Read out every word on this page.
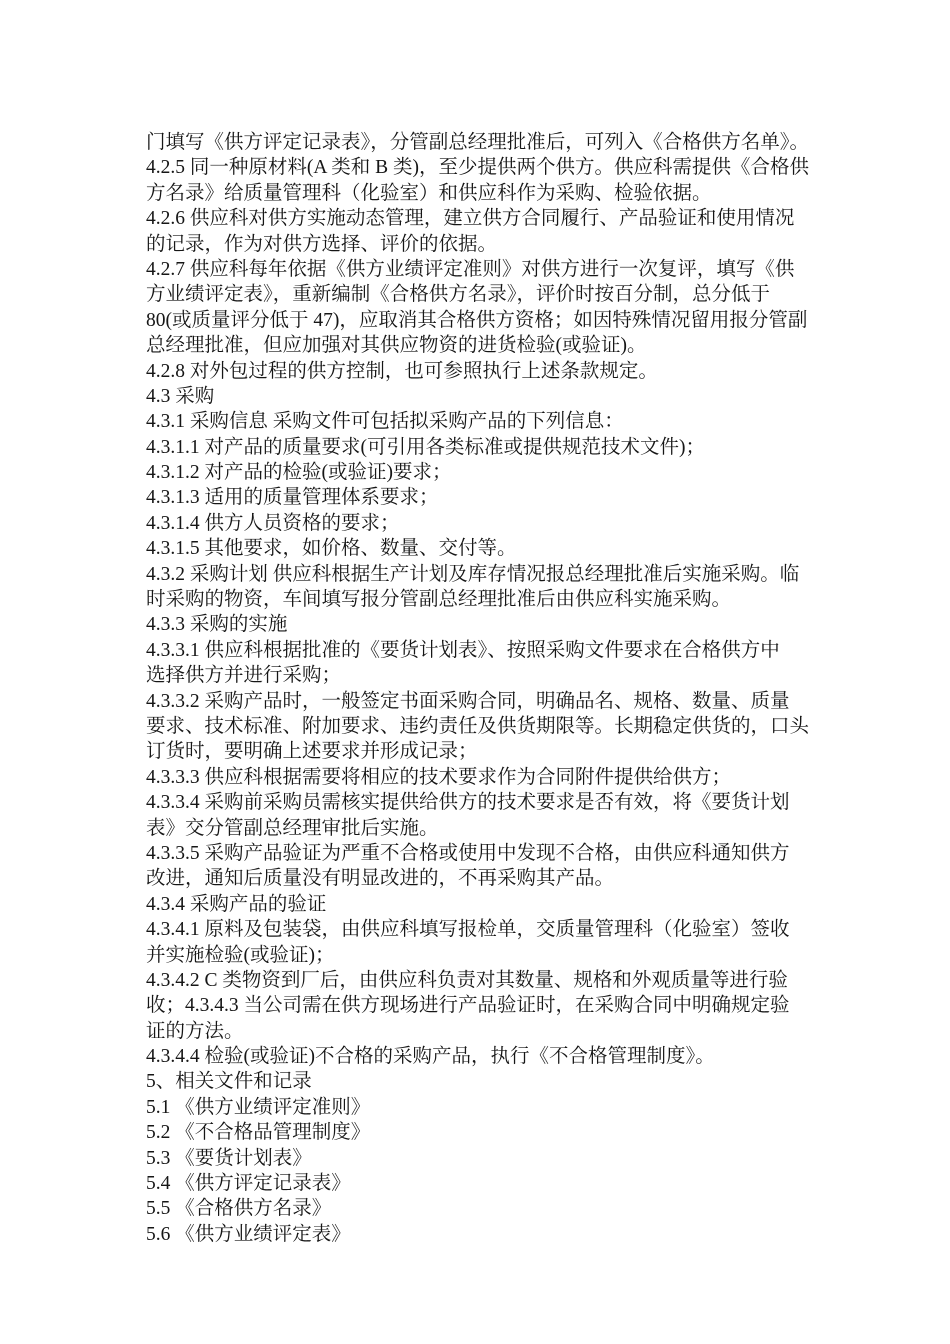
门填写《供方评定记录表》，分管副总经理批准后，可列入《合格供方名单》。
4.2.5 同一种原材料(A 类和 B 类)，至少提供两个供方。供应科需提供《合格供
方名录》给质量管理科（化验室）和供应科作为采购、检验依据。
4.2.6 供应科对供方实施动态管理，建立供方合同履行、产品验证和使用情况
的记录，作为对供方选择、评价的依据。
4.2.7 供应科每年依据《供方业绩评定准则》对供方进行一次复评，填写《供
方业绩评定表》，重新编制《合格供方名录》，评价时按百分制，总分低于
80(或质量评分低于 47)，应取消其合格供方资格；如因特殊情况留用报分管副
总经理批准，但应加强对其供应物资的进货检验(或验证)。
4.2.8 对外包过程的供方控制，也可参照执行上述条款规定。
4.3 采购
4.3.1 采购信息 采购文件可包括拟采购产品的下列信息：
4.3.1.1 对产品的质量要求(可引用各类标准或提供规范技术文件)；
4.3.1.2 对产品的检验(或验证)要求；
4.3.1.3 适用的质量管理体系要求；
4.3.1.4 供方人员资格的要求；
4.3.1.5 其他要求，如价格、数量、交付等。
4.3.2 采购计划 供应科根据生产计划及库存情况报总经理批准后实施采购。临
时采购的物资，车间填写报分管副总经理批准后由供应科实施采购。
4.3.3 采购的实施
4.3.3.1 供应科根据批准的《要货计划表》、按照采购文件要求在合格供方中
选择供方并进行采购；
4.3.3.2 采购产品时，一般签定书面采购合同，明确品名、规格、数量、质量
要求、技术标准、附加要求、违约责任及供货期限等。长期稳定供货的，口头
订货时，要明确上述要求并形成记录；
4.3.3.3 供应科根据需要将相应的技术要求作为合同附件提供给供方；
4.3.3.4 采购前采购员需核实提供给供方的技术要求是否有效，将《要货计划
表》交分管副总经理审批后实施。
4.3.3.5 采购产品验证为严重不合格或使用中发现不合格，由供应科通知供方
改进，通知后质量没有明显改进的，不再采购其产品。
4.3.4 采购产品的验证
4.3.4.1 原料及包装袋，由供应科填写报检单，交质量管理科（化验室）签收
并实施检验(或验证)；
4.3.4.2 C 类物资到厂后，由供应科负责对其数量、规格和外观质量等进行验
收；4.3.4.3 当公司需在供方现场进行产品验证时，在采购合同中明确规定验
证的方法。
4.3.4.4 检验(或验证)不合格的采购产品，执行《不合格管理制度》。
5、相关文件和记录
5.1 《供方业绩评定准则》
5.2 《不合格品管理制度》
5.3 《要货计划表》
5.4 《供方评定记录表》
5.5 《合格供方名录》
5.6 《供方业绩评定表》
